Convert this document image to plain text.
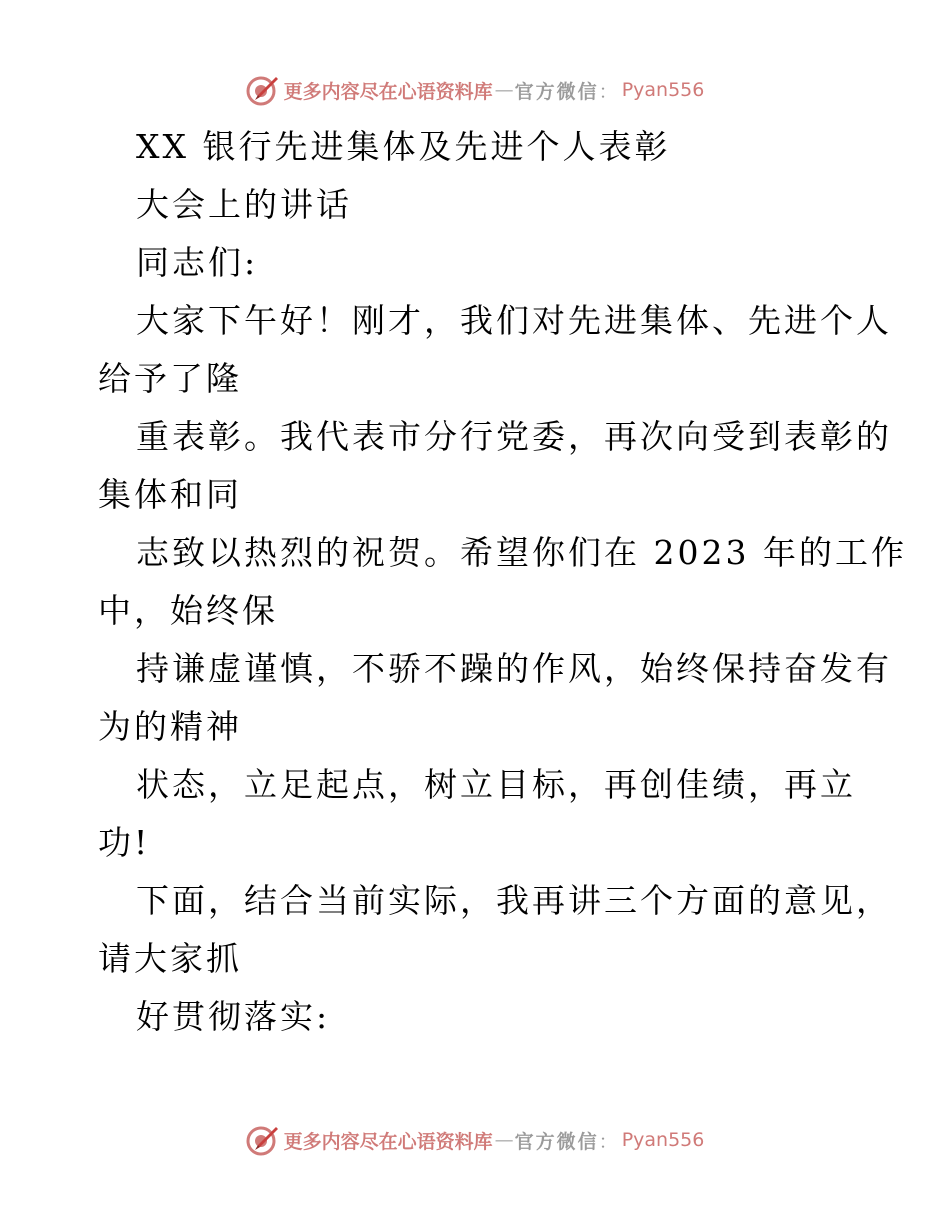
更多内容尽在心语资料库 — 官方微信 ： Pyan556
XX 银行先进集体及先进个人表彰
大会上的讲话
同志们:
大家下午好！刚才，我们对先进集体、先进个人
给予了隆
重表彰。我代表市分行党委，再次向受到表彰的
集体和同
志致以热烈的祝贺。希望你们在 2023 年的工作
中，始终保
持谦虚谨慎，不骄不躁的作风，始终保持奋发有
为的精神
状态，立足起点，树立目标，再创佳绩，再立
功!
下面，结合当前实际，我再讲三个方面的意见，
请大家抓
好贯彻落实:
更多内容尽在心语资料库 — 官方微信 ： Pyan556
